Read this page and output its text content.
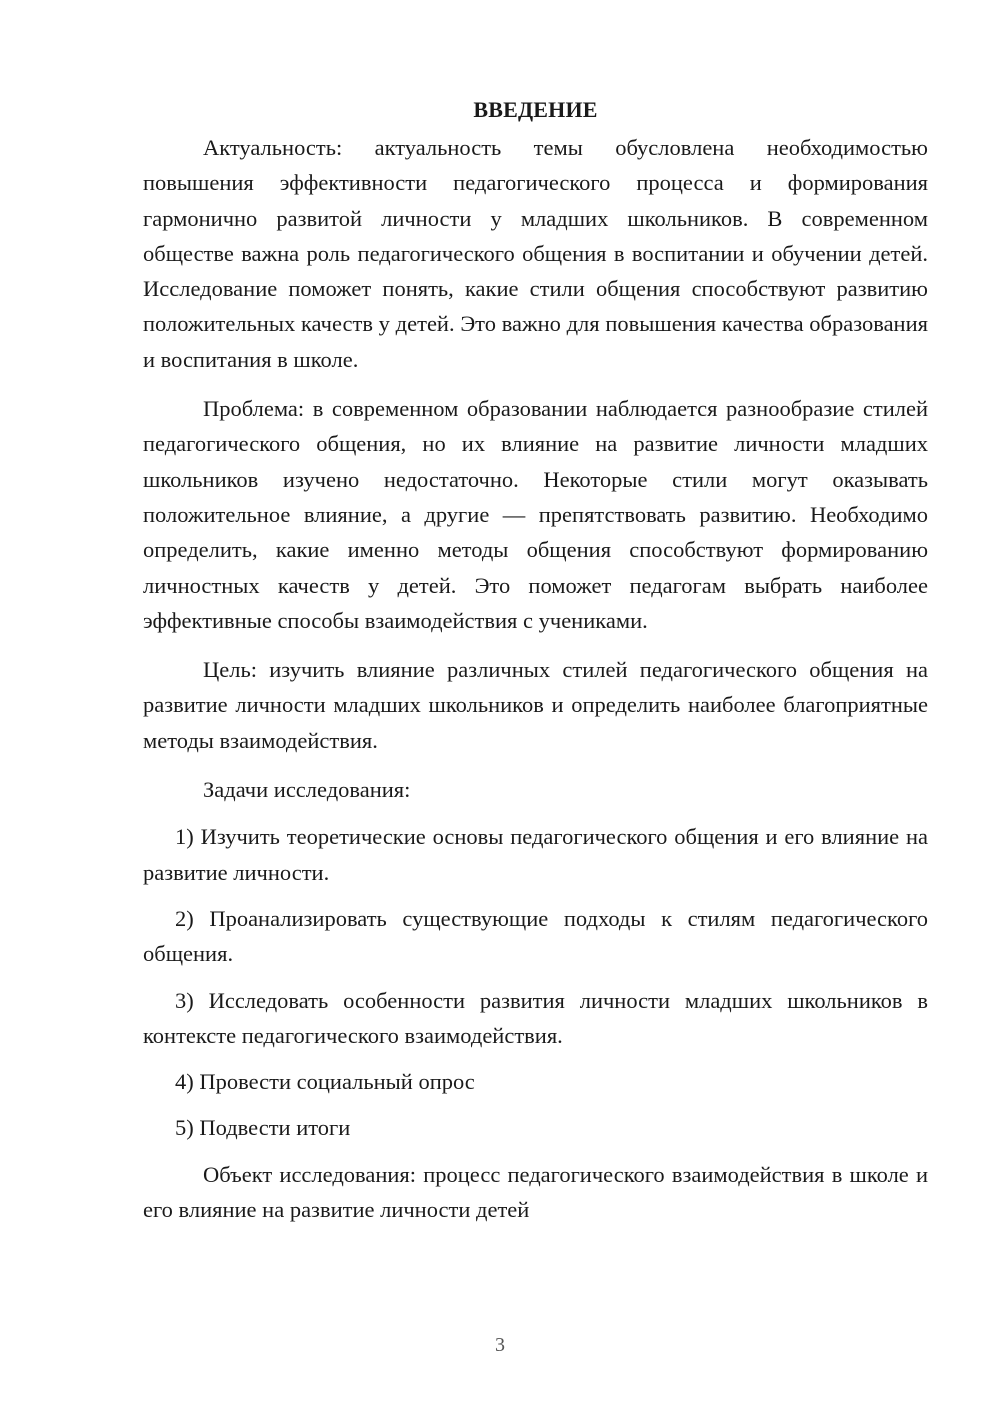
ВВЕДЕНИЕ

Актуальность: актуальность темы обусловлена необходимостью повышения эффективности педагогического процесса и формирования гармонично развитой личности у младших школьников. В современном обществе важна роль педагогического общения в воспитании и обучении детей. Исследование поможет понять, какие стили общения способствуют развитию положительных качеств у детей. Это важно для повышения качества образования и воспитания в школе.

Проблема: в современном образовании наблюдается разнообразие стилей педагогического общения, но их влияние на развитие личности младших школьников изучено недостаточно. Некоторые стили могут оказывать положительное влияние, а другие — препятствовать развитию. Необходимо определить, какие именно методы общения способствуют формированию личностных качеств у детей. Это поможет педагогам выбрать наиболее эффективные способы взаимодействия с учениками.

Цель: изучить влияние различных стилей педагогического общения на развитие личности младших школьников и определить наиболее благоприятные методы взаимодействия.

Задачи исследования:

1) Изучить теоретические основы педагогического общения и его влияние на развитие личности.

2) Проанализировать существующие подходы к стилям педагогического общения.

3) Исследовать особенности развития личности младших школьников в контексте педагогического взаимодействия.

4) Провести социальный опрос

5) Подвести итоги

Объект исследования: процесс педагогического взаимодействия в школе и его влияние на развитие личности детей

3
